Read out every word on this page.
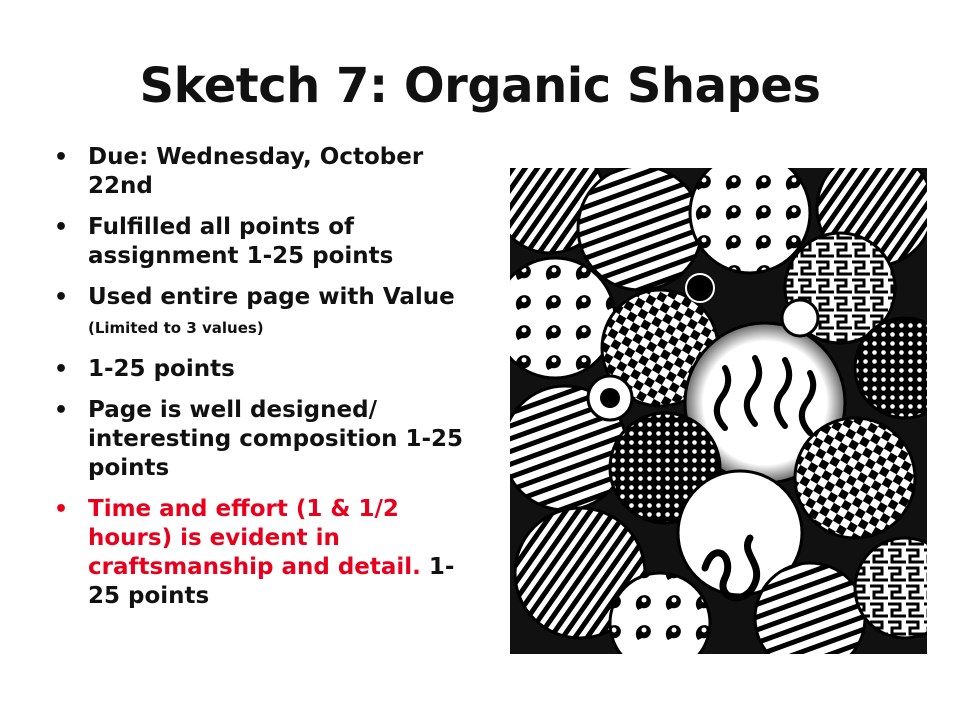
Sketch 7: Organic Shapes
• Due: Wednesday, October 22nd
• Fulfilled all points of assignment 1-25 points
• Used entire page with Value (Limited to 3 values)
• 1-25 points
• Page is well designed/ interesting composition 1-25 points
• Time and effort (1 & 1/2 hours) is evident in craftsmanship and detail. 1-25 points
